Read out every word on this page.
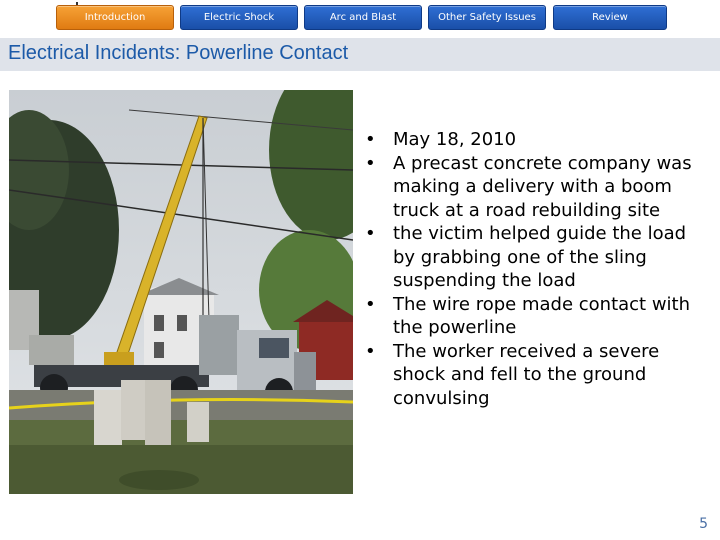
Introduction	Electric Shock	Arc and Blast	Other Safety Issues	Review
Electrical Incidents: Powerline Contact
• May 18, 2010
• A precast concrete company was making a delivery with a boom truck at a road rebuilding site
• the victim helped guide the load by grabbing one of the sling suspending the load
• The wire rope made contact with the powerline
• The worker received a severe shock and fell to the ground convulsing
5
